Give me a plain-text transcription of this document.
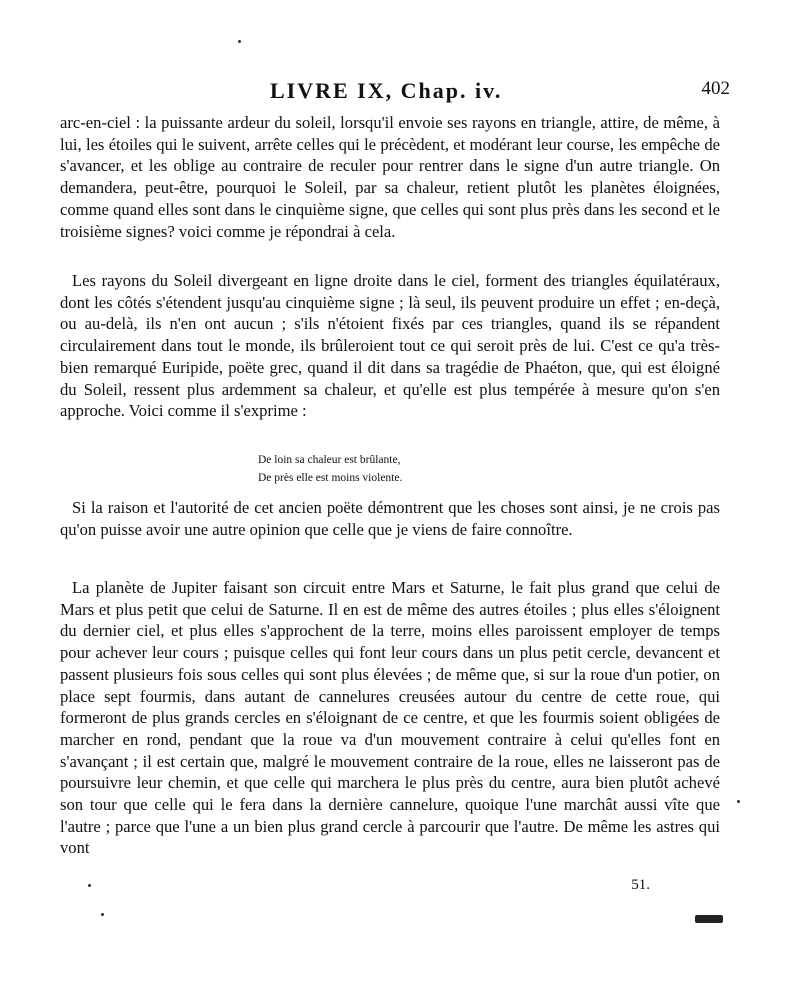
LIVRE IX, Chap. iv.	402

arc-en-ciel : la puissante ardeur du soleil, lorsqu'il envoie ses rayons en triangle, attire, de même, à lui, les étoiles qui le suivent, arrête celles qui le précèdent, et modérant leur course, les empêche de s'avancer, et les oblige au contraire de reculer pour rentrer dans le signe d'un autre triangle. On demandera, peut-être, pourquoi le Soleil, par sa chaleur, retient plutôt les planètes éloignées, comme quand elles sont dans le cinquième signe, que celles qui sont plus près dans les second et le troisième signes? voici comme je répondrai à cela.

Les rayons du Soleil divergeant en ligne droite dans le ciel, forment des triangles équilatéraux, dont les côtés s'étendent jusqu'au cinquième signe ; là seul, ils peuvent produire un effet ; en-deçà, ou au-delà, ils n'en ont aucun ; s'ils n'étoient fixés par ces triangles, quand ils se répandent circulairement dans tout le monde, ils brûleroient tout ce qui seroit près de lui. C'est ce qu'a très-bien remarqué Euripide, poëte grec, quand il dit dans sa tragédie de Phaéton, que, qui est éloigné du Soleil, ressent plus ardemment sa chaleur, et qu'elle est plus tempérée à mesure qu'on s'en approche. Voici comme il s'exprime :

De loin sa chaleur est brûlante,
De près elle est moins violente.

Si la raison et l'autorité de cet ancien poëte démontrent que les choses sont ainsi, je ne crois pas qu'on puisse avoir une autre opinion que celle que je viens de faire connoître.

La planète de Jupiter faisant son circuit entre Mars et Saturne, le fait plus grand que celui de Mars et plus petit que celui de Saturne. Il en est de même des autres étoiles ; plus elles s'éloignent du dernier ciel, et plus elles s'approchent de la terre, moins elles paroissent employer de temps pour achever leur cours ; puisque celles qui font leur cours dans un plus petit cercle, devancent et passent plusieurs fois sous celles qui sont plus élevées ; de même que, si sur la roue d'un potier, on place sept fourmis, dans autant de cannelures creusées autour du centre de cette roue, qui formeront de plus grands cercles en s'éloignant de ce centre, et que les fourmis soient obligées de marcher en rond, pendant que la roue va d'un mouvement contraire à celui qu'elles font en s'avançant ; il est certain que, malgré le mouvement contraire de la roue, elles ne laisseront pas de poursuivre leur chemin, et que celle qui marchera le plus près du centre, aura bien plutôt achevé son tour que celle qui le fera dans la dernière cannelure, quoique l'une marchât aussi vîte que l'autre ; parce que l'une a un bien plus grand cercle à parcourir que l'autre. De même les astres qui vont

51.
